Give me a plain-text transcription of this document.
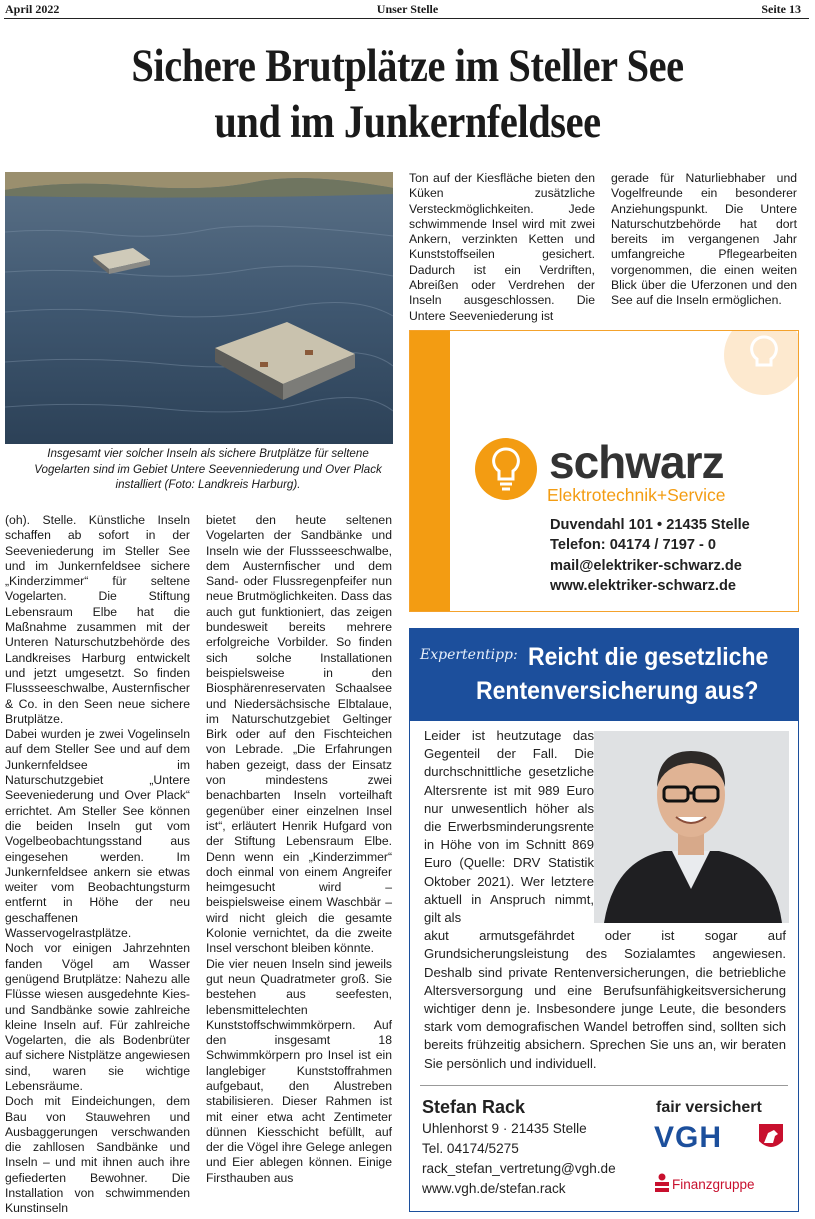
April 2022	Unser Stelle	Seite 13
Sichere Brutplätze im Steller See
und im Junkernfeldsee
Insgesamt vier solcher Inseln als sichere Brutplätze für seltene Vogelarten sind im Gebiet Untere Seevenniederung und Over Plack installiert (Foto: Landkreis Harburg).

(oh). Stelle. Künstliche Inseln schaffen ab sofort in der Seeveniederung im Steller See und im Junkernfeldsee sichere „Kinderzimmer“ für seltene Vogelarten. Die Stiftung Lebensraum Elbe hat die Maßnahme zusammen mit der Unteren Naturschutzbehörde des Landkreises Harburg entwickelt und jetzt umgesetzt. So finden Flussseeschwalbe, Austernfischer & Co. in den Seen neue sichere Brutplätze.

Dabei wurden je zwei Vogelinseln auf dem Steller See und auf dem Junkernfeldsee im Naturschutzgebiet „Untere Seeveniederung und Over Plack“ errichtet. Am Steller See können die beiden Inseln gut vom Vogelbeobachtungsstand aus eingesehen werden. Im Junkernfeldsee ankern sie etwas weiter vom Beobachtungsturm entfernt in Höhe der neu geschaffenen Wasservogelrastplätze.

Noch vor einigen Jahrzehnten fanden Vögel am Wasser genügend Brutplätze: Nahezu alle Flüsse wiesen ausgedehnte Kies- und Sandbänke sowie zahlreiche kleine Inseln auf. Für zahlreiche Vogelarten, die als Bodenbrüter auf sichere Nistplätze angewiesen sind, waren sie wichtige Lebensräume.

Doch mit Eindeichungen, dem Bau von Stauwehren und Ausbaggerungen verschwanden die zahllosen Sandbänke und Inseln – und mit ihnen auch ihre gefiederten Bewohner. Die Installation von schwimmenden Kunstinseln

bietet den heute seltenen Vogelarten der Sandbänke und Inseln wie der Flussseeschwalbe, dem Austernfischer und dem Sand- oder Flussregenpfeifer nun neue Brutmöglichkeiten. Dass das auch gut funktioniert, das zeigen bundesweit bereits mehrere erfolgreiche Vorbilder. So finden sich solche Installationen beispielsweise in den Biosphärenreservaten Schaalsee und Niedersächsische Elbtalaue, im Naturschutzgebiet Geltinger Birk oder auf den Fischteichen von Lebrade. „Die Erfahrungen haben gezeigt, dass der Einsatz von mindestens zwei benachbarten Inseln vorteilhaft gegenüber einer einzelnen Insel ist“, erläutert Henrik Hufgard von der Stiftung Lebensraum Elbe. Denn wenn ein „Kinderzimmer“ doch einmal von einem Angreifer heimgesucht wird – beispielsweise einem Waschbär – wird nicht gleich die gesamte Kolonie vernichtet, da die zweite Insel verschont bleiben könnte.

Die vier neuen Inseln sind jeweils gut neun Quadratmeter groß. Sie bestehen aus seefesten, lebensmittelechten Kunststoffschwimmkörpern. Auf den insgesamt 18 Schwimmkörpern pro Insel ist ein langlebiger Kunststoffrahmen aufgebaut, den Alustreben stabilisieren. Dieser Rahmen ist mit einer etwa acht Zentimeter dünnen Kiesschicht befüllt, auf der die Vögel ihre Gelege anlegen und Eier ablegen können. Einige Firsthauben aus

Ton auf der Kiesfläche bieten den Küken zusätzliche Versteckmöglichkeiten. Jede schwimmende Insel wird mit zwei Ankern, verzinkten Ketten und Kunststoffseilen gesichert. Dadurch ist ein Verdriften, Abreißen oder Verdrehen der Inseln ausgeschlossen. Die Untere Seeveniederung ist

gerade für Naturliebhaber und Vogelfreunde ein besonderer Anziehungspunkt. Die Untere Naturschutzbehörde hat dort bereits im vergangenen Jahr umfangreiche Pflegearbeiten vorgenommen, die einen weiten Blick über die Uferzonen und den See auf die Inseln ermöglichen.

schwarz
Elektrotechnik+Service
Duvendahl 101 • 21435 Stelle
Telefon: 04174 / 7197 - 0
mail@elektriker-schwarz.de
www.elektriker-schwarz.de
Expertentipp: Reicht die gesetzliche
Rentenversicherung aus?
Leider ist heutzutage das Gegenteil der Fall. Die durchschnittliche gesetzliche Altersrente ist mit 989 Euro nur unwesentlich höher als die Erwerbsminderungsrente in Höhe von im Schnitt 869 Euro (Quelle: DRV Statistik Oktober 2021). Wer letztere aktuell in Anspruch nimmt, gilt als
akut armutsgefährdet oder ist sogar auf Grundsicherungsleistung des Sozialamtes angewiesen. Deshalb sind private Rentenversicherungen, die betriebliche Altersversorgung und eine Berufsunfähigkeitsversicherung wichtiger denn je. Insbesondere junge Leute, die besonders stark vom demografischen Wandel betroffen sind, sollten sich bereits frühzeitig absichern. Sprechen Sie uns an, wir beraten Sie persönlich und individuell.
Stefan Rack
Uhlenhorst 9 · 21435 Stelle
Tel. 04174/5275
rack_stefan_vertretung@vgh.de
www.vgh.de/stefan.rack
fair versichert
VGH
Finanzgruppe
